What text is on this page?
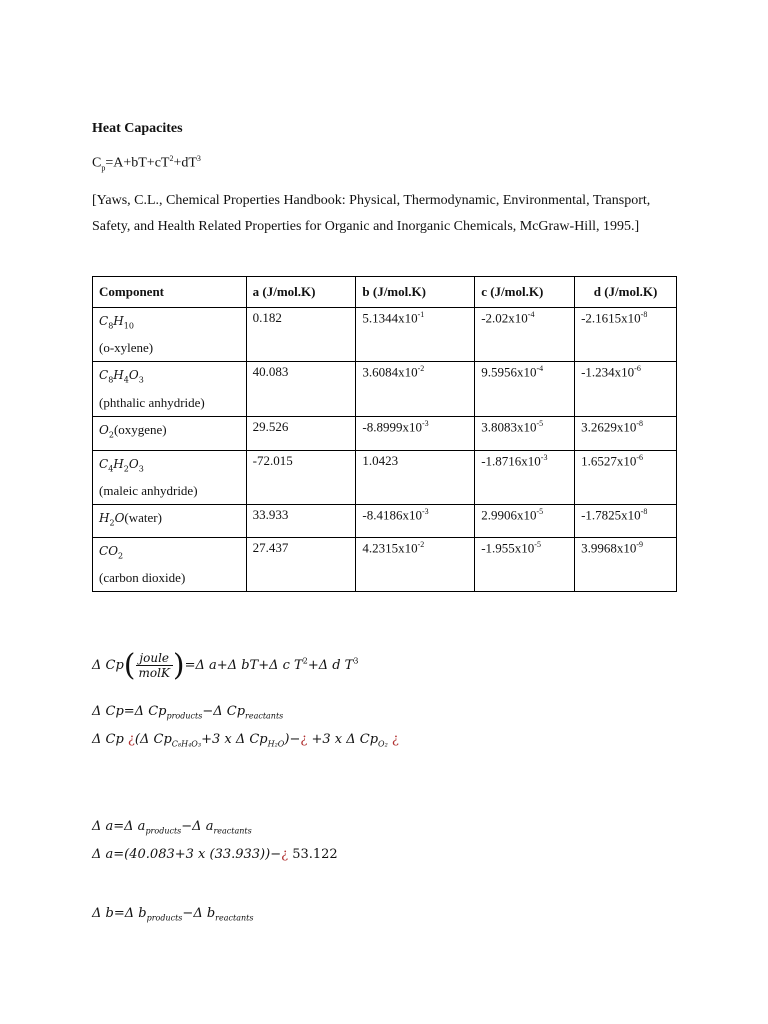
Heat Capacites
$C_p=A+bT+cT^2+dT^3$
[Yaws, C.L., Chemical Properties Handbook: Physical, Thermodynamic, Environmental, Transport, Safety, and Health Related Properties for Organic and Inorganic Chemicals, McGraw-Hill, 1995.]
Component	a (J/mol.K)	b (J/mol.K)	c (J/mol.K)	d (J/mol.K)
$C_8H_{10}$
(o-xylene)	0.182	$5.1344x10^{-1}$	$-2.02x10^{-4}$	$-2.1615x10^{-8}$
$C_8H_4O_3$
(phthalic anhydride)	40.083	$3.6084x10^{-2}$	$9.5956x10^{-4}$	$-1.234x10^{-6}$
$O_2(oxygene)$	29.526	$-8.8999x10^{-3}$	$3.8083x10^{-5}$	$3.2629x10^{-8}$
$C_4H_2O_3$
(maleic anhydride)	-72.015	1.0423	$-1.8716x10^{-3}$	$1.6527x10^{-6}$
$H_2O(water)$	33.933	$-8.4186x10^{-3}$	$2.9906x10^{-5}$	$-1.7825x10^{-8}$
$CO_2$
(carbon dioxide)	27.437	$4.2315x10^{-2}$	$-1.955x10^{-5}$	$3.9968x10^{-9}$
Δ $Cp( \frac{\text{joule}}{\text{molK}} )=\Delta$ a+Δ bT+Δ c $T^2+\Delta$ d $T^3$
Δ Cp=Δ $Cp_{products}-\Delta$ $Cp_{reactants}$
Δ Cp ¿(Δ $Cp_{C_8H_4O_3}+3$ x Δ $Cp_{H_2O})-¿ +3$ x Δ $Cp_{O_2}$ ¿
Δ a=Δ $a_{products}-\Delta$ $a_{reactants}$
Δ a=(40.083+3 x (33.933))−¿ 53.122
Δ b=Δ $b_{products}-\Delta$ $b_{reactants}$
